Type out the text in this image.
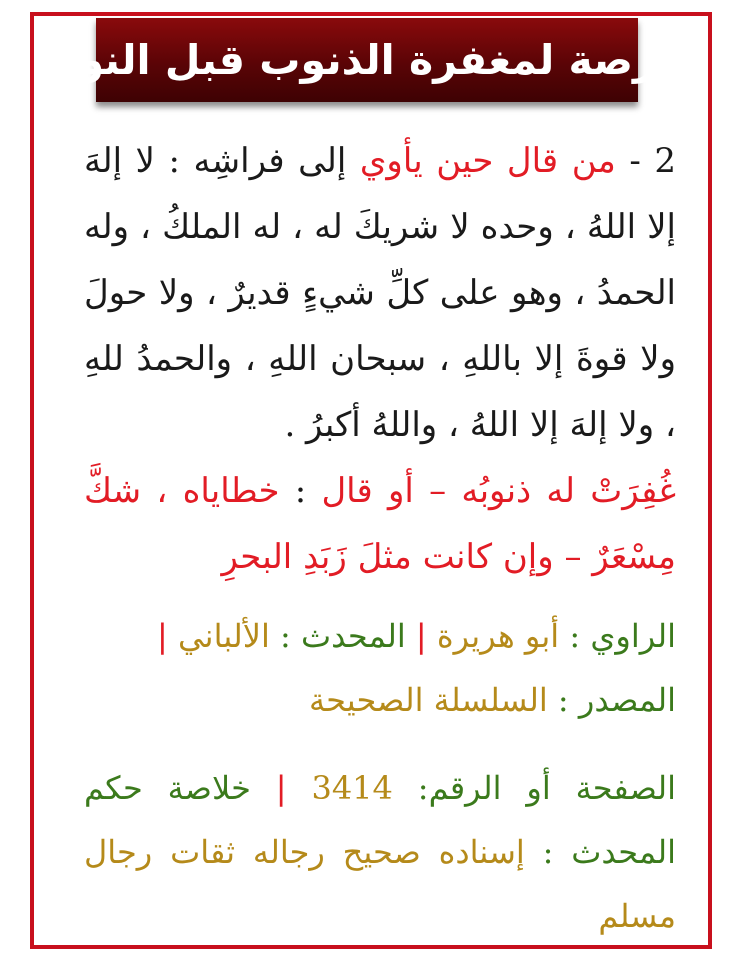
فرصة لمغفرة الذنوب قبل النوم

2 - من قال حين يأوي إلى فراشِه : لا إلهَ إلا اللهُ ، وحده لا شريكَ له ، له الملكُ ، وله الحمدُ ، وهو على كلِّ شيءٍ قديرٌ ، ولا حولَ ولا قوةَ إلا باللهِ ، سبحان اللهِ ، والحمدُ للهِ ، ولا إلهَ إلا اللهُ ، واللهُ أكبرُ .

غُفِرَتْ له ذنوبُه – أو قال : خطاياه ، شكَّ مِسْعَرٌ – وإن كانت مثلَ زَبَدِ البحرِ

الراوي : أبو هريرة | المحدث : الألباني |

المصدر : السلسلة الصحيحة

الصفحة أو الرقم: 3414 | خلاصة حكم المحدث : إسناده صحيح رجاله ثقات رجال مسلم
